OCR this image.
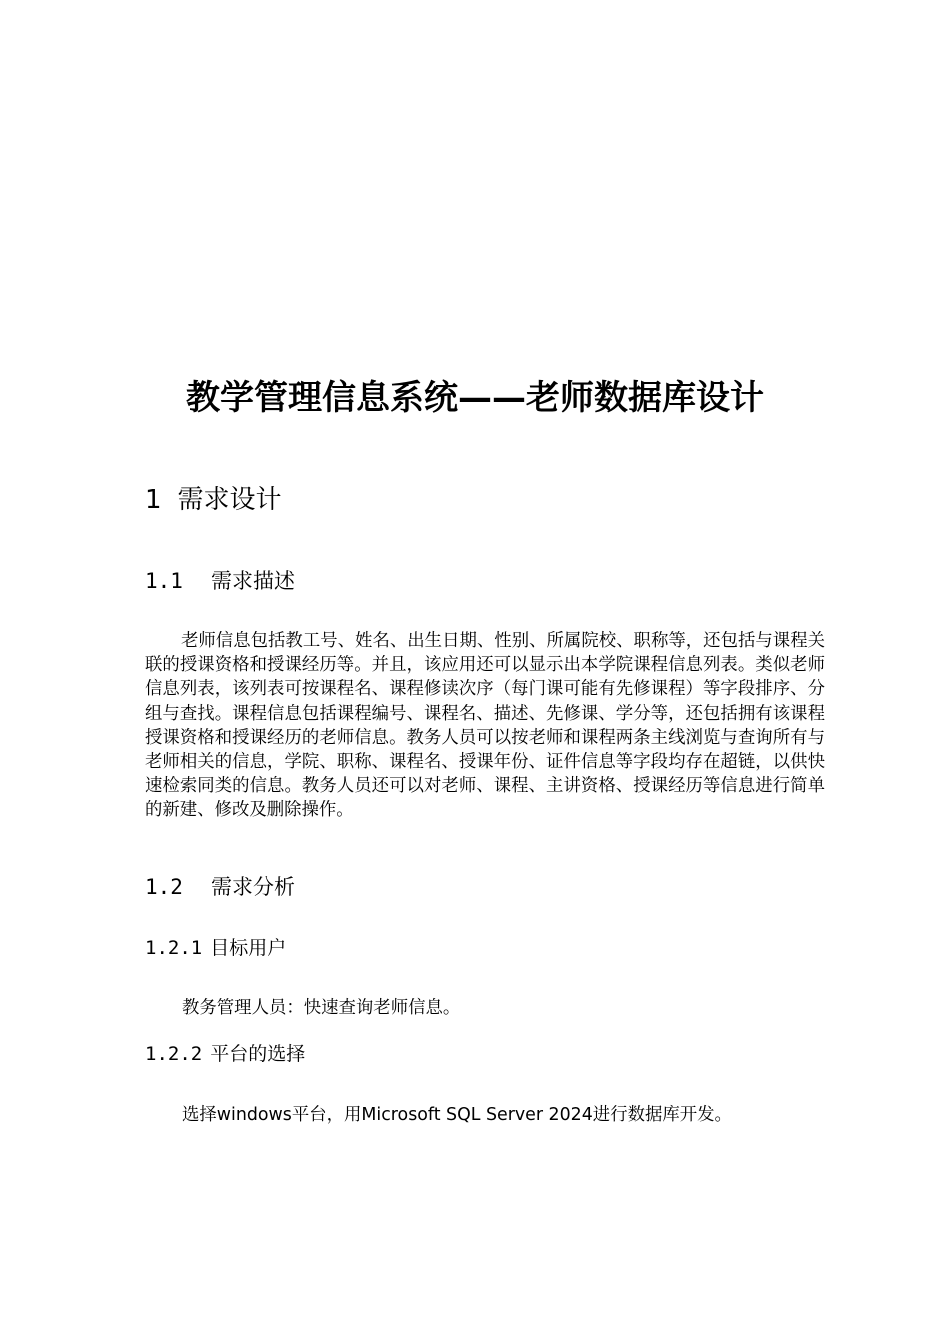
教学管理信息系统——老师数据库设计
1 需求设计
1.1 需求描述

老师信息包括教工号、姓名、出生日期、性别、所属院校、职称等，还包括与课程关联的授课资格和授课经历等。并且，该应用还可以显示出本学院课程信息列表。类似老师信息列表，该列表可按课程名、课程修读次序（每门课可能有先修课程）等字段排序、分组与查找。课程信息包括课程编号、课程名、描述、先修课、学分等，还包括拥有该课程授课资格和授课经历的老师信息。教务人员可以按老师和课程两条主线浏览与查询所有与老师相关的信息，学院、职称、课程名、授课年份、证件信息等字段均存在超链，以供快速检索同类的信息。教务人员还可以对老师、课程、主讲资格、授课经历等信息进行简单的新建、修改及删除操作。

1.2 需求分析
1.2.1 目标用户

教务管理人员：快速查询老师信息。

1.2.2 平台的选择

选择windows平台，用Microsoft SQL Server 2024进行数据库开发。
